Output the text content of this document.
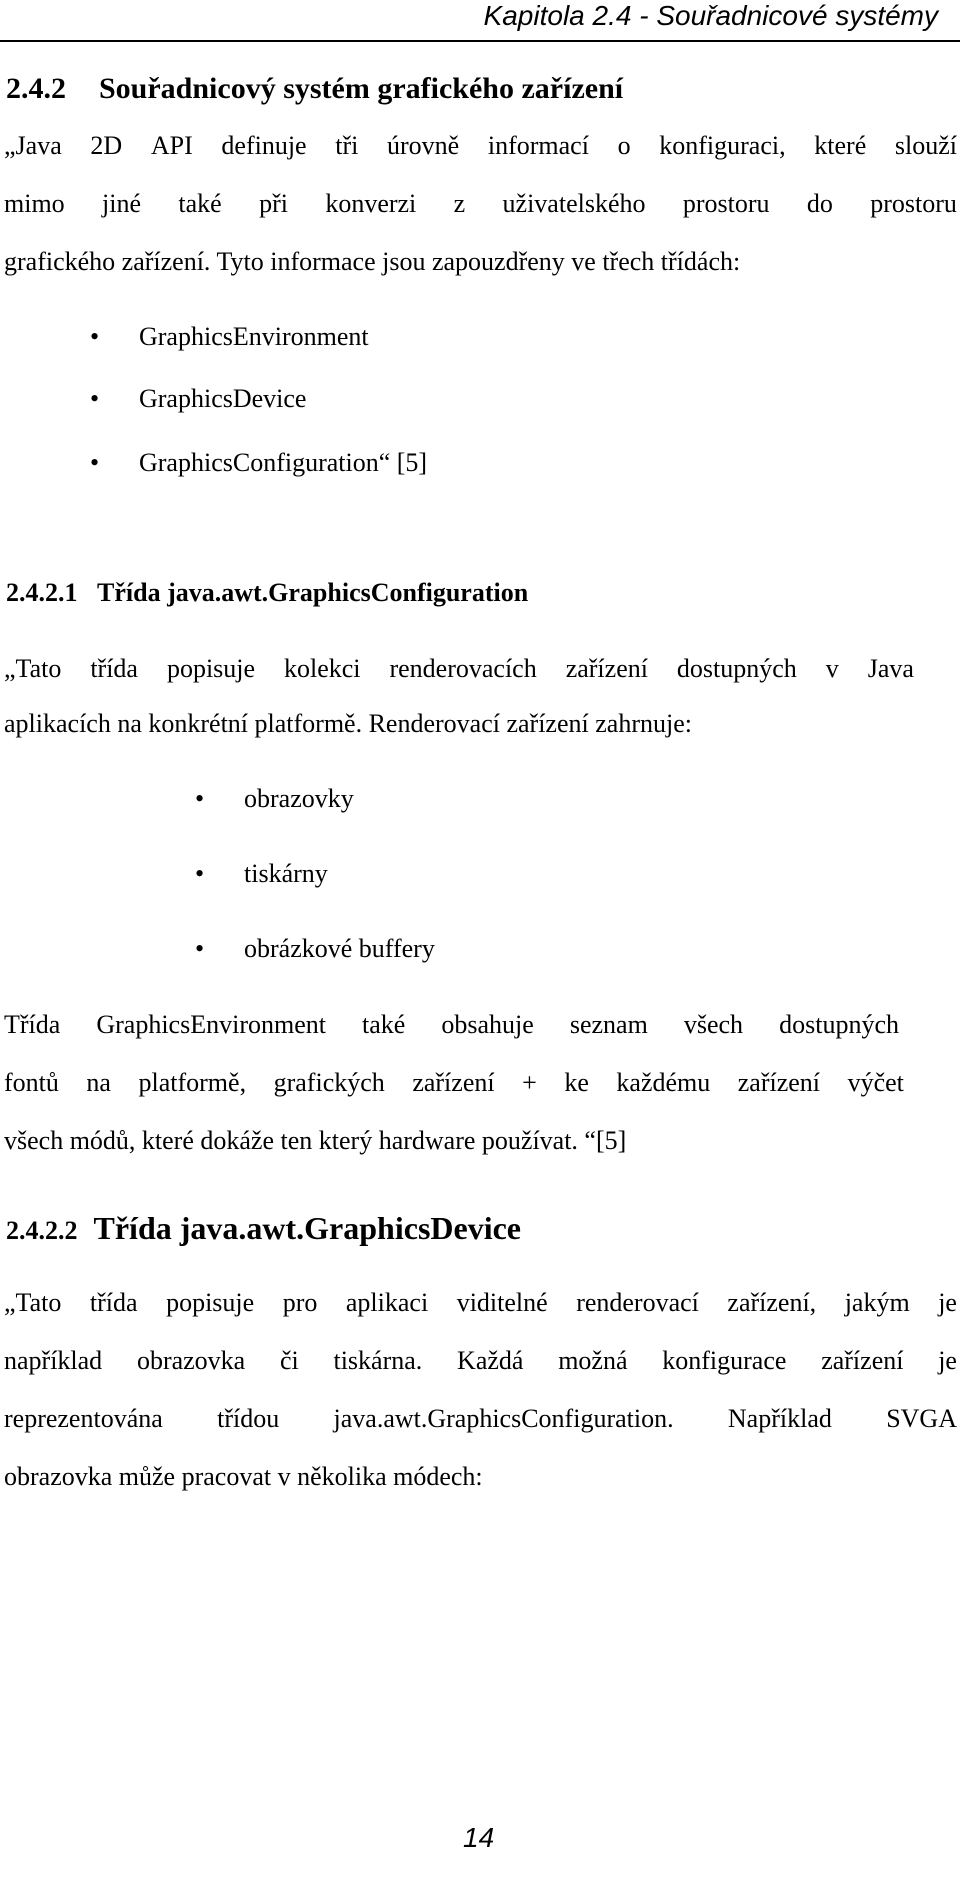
Kapitola 2.4 - Souřadnicové systémy
2.4.2 Souřadnicový systém grafického zařízení
„Java 2D API definuje tři úrovně informací o konfiguraci, které slouží
mimo jiné také při konverzi z uživatelského prostoru do prostoru
grafického zařízení. Tyto informace jsou zapouzdřeny ve třech třídách:
• GraphicsEnvironment
• GraphicsDevice
• GraphicsConfiguration“ [5]
2.4.2.1 Třída java.awt.GraphicsConfiguration
„Tato třída popisuje kolekci renderovacích zařízení dostupných v Java
aplikacích na konkrétní platformě. Renderovací zařízení zahrnuje:
• obrazovky
• tiskárny
• obrázkové buffery
Třída GraphicsEnvironment také obsahuje seznam všech dostupných
fontů na platformě, grafických zařízení + ke každému zařízení výčet
všech módů, které dokáže ten který hardware používat. “[5]
2.4.2.2 Třída java.awt.GraphicsDevice
„Tato třída popisuje pro aplikaci viditelné renderovací zařízení, jakým je
například obrazovka či tiskárna. Každá možná konfigurace zařízení je
reprezentována třídou java.awt.GraphicsConfiguration. Například SVGA
obrazovka může pracovat v několika módech:
14
